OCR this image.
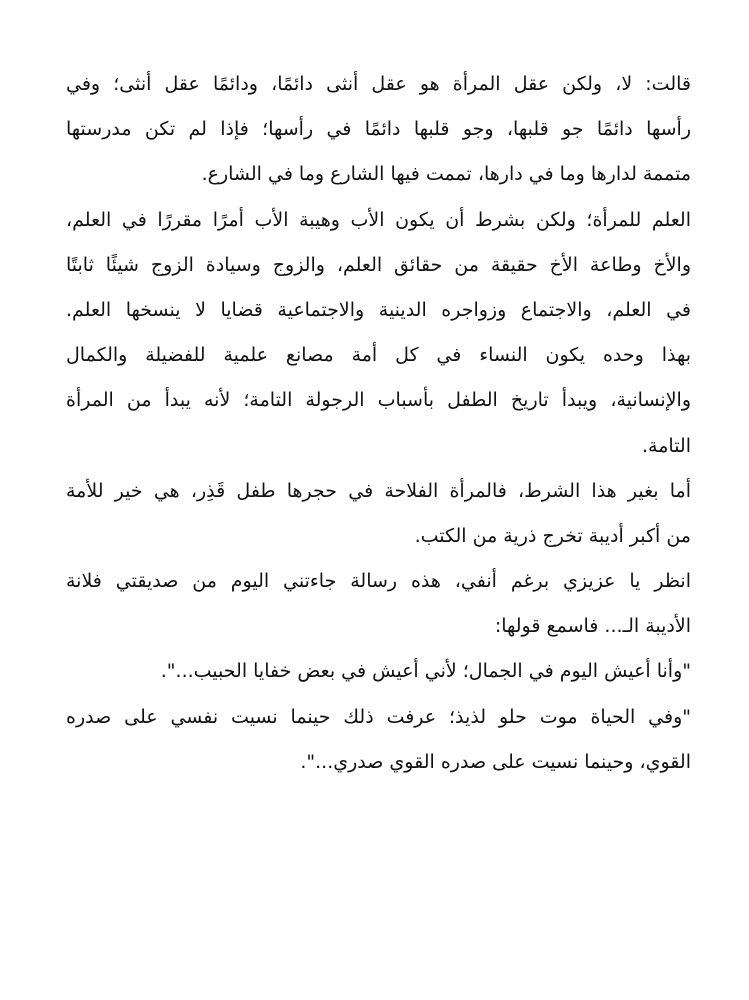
قالت: لا، ولكن عقل المرأة هو عقل أنثى دائمًا، ودائمًا عقل أنثى؛ وفي
رأسها دائمًا جو قلبها، وجو قلبها دائمًا في رأسها؛ فإذا لم تكن مدرستها
متممة لدارها وما في دارها، تممت فيها الشارع وما في الشارع.
العلم للمرأة؛ ولكن بشرط أن يكون الأب وهيبة الأب أمرًا مقررًا في العلم،
والأخ وطاعة الأخ حقيقة من حقائق العلم، والزوج وسيادة الزوج شيئًا ثابتًا
في العلم، والاجتماع وزواجره الدينية والاجتماعية قضايا لا ينسخها العلم.
بهذا وحده يكون النساء في كل أمة مصانع علمية للفضيلة والكمال
والإنسانية، ويبدأ تاريخ الطفل بأسباب الرجولة التامة؛ لأنه يبدأ من المرأة
التامة.
أما بغير هذا الشرط، فالمرأة الفلاحة في حجرها طفل قَذِر، هي خير للأمة
من أكبر أديبة تخرج ذرية من الكتب.
انظر يا عزيزي برغم أنفي، هذه رسالة جاءتني اليوم من صديقتي فلانة
الأديبة الـ... فاسمع قولها:
"وأنا أعيش اليوم في الجمال؛ لأني أعيش في بعض خفايا الحبيب...".
"وفي الحياة موت حلو لذيذ؛ عرفت ذلك حينما نسيت نفسي على صدره
القوي، وحينما نسيت على صدره القوي صدري...".
